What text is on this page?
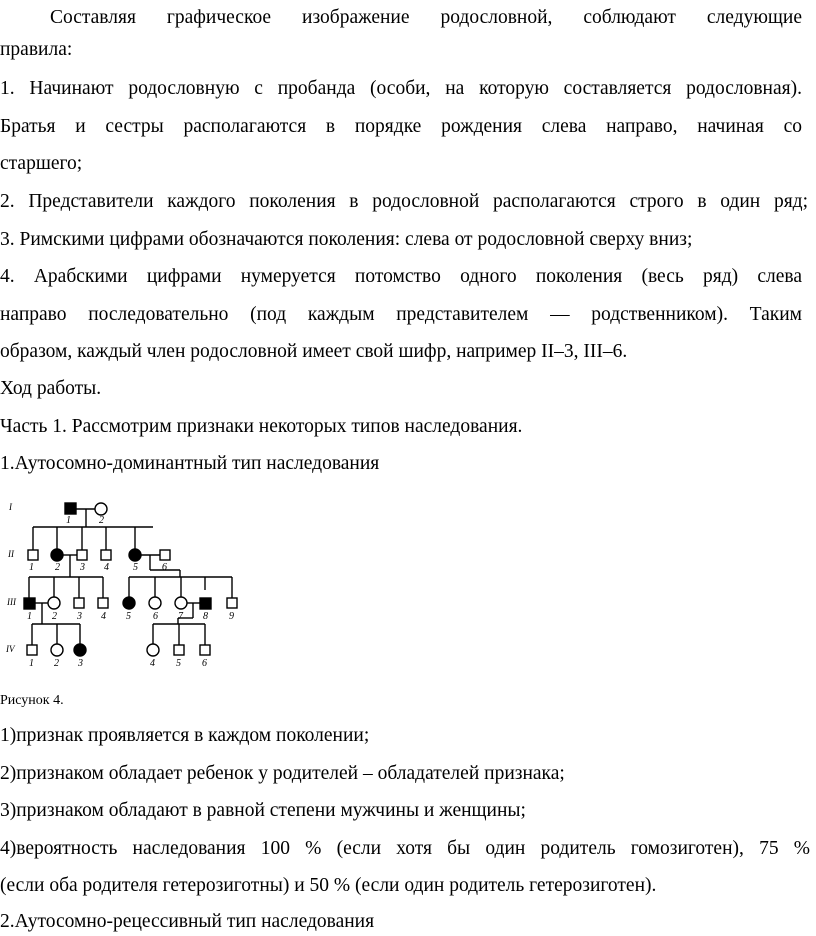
Составляя графическое изображение родословной, соблюдают следующие
правила:
1. Начинают родословную с пробанда (особи, на которую составляется родословная).
Братья и сестры располагаются в порядке рождения слева направо, начиная со
старшего;
2. Представители каждого поколения в родословной располагаются строго в один ряд;
3. Римскими цифрами обозначаются поколения: слева от родословной сверху вниз;
4. Арабскими цифрами нумеруется потомство одного поколения (весь ряд) слева
направо последовательно (под каждым представителем — родственником). Таким
образом, каждый член родословной имеет свой шифр, например II–3, III–6.
Ход работы.
Часть 1. Рассмотрим признаки некоторых типов наследования.
1.Аутосомно-доминантный тип наследования
I
II
III
IV
1	2
1 2 3 4 5 6
1 2 3 4 5 6 7 8 9
1 2 3	4 5 6
Рисунок 4.
1)признак проявляется в каждом поколении;
2)признаком обладает ребенок у родителей – обладателей признака;
3)признаком обладают в равной степени мужчины и женщины;
4)вероятность наследования 100 % (если хотя бы один родитель гомозиготен), 75 %
(если оба родителя гетерозиготны) и 50 % (если один родитель гетерозиготен).
2.Аутосомно-рецессивный тип наследования
